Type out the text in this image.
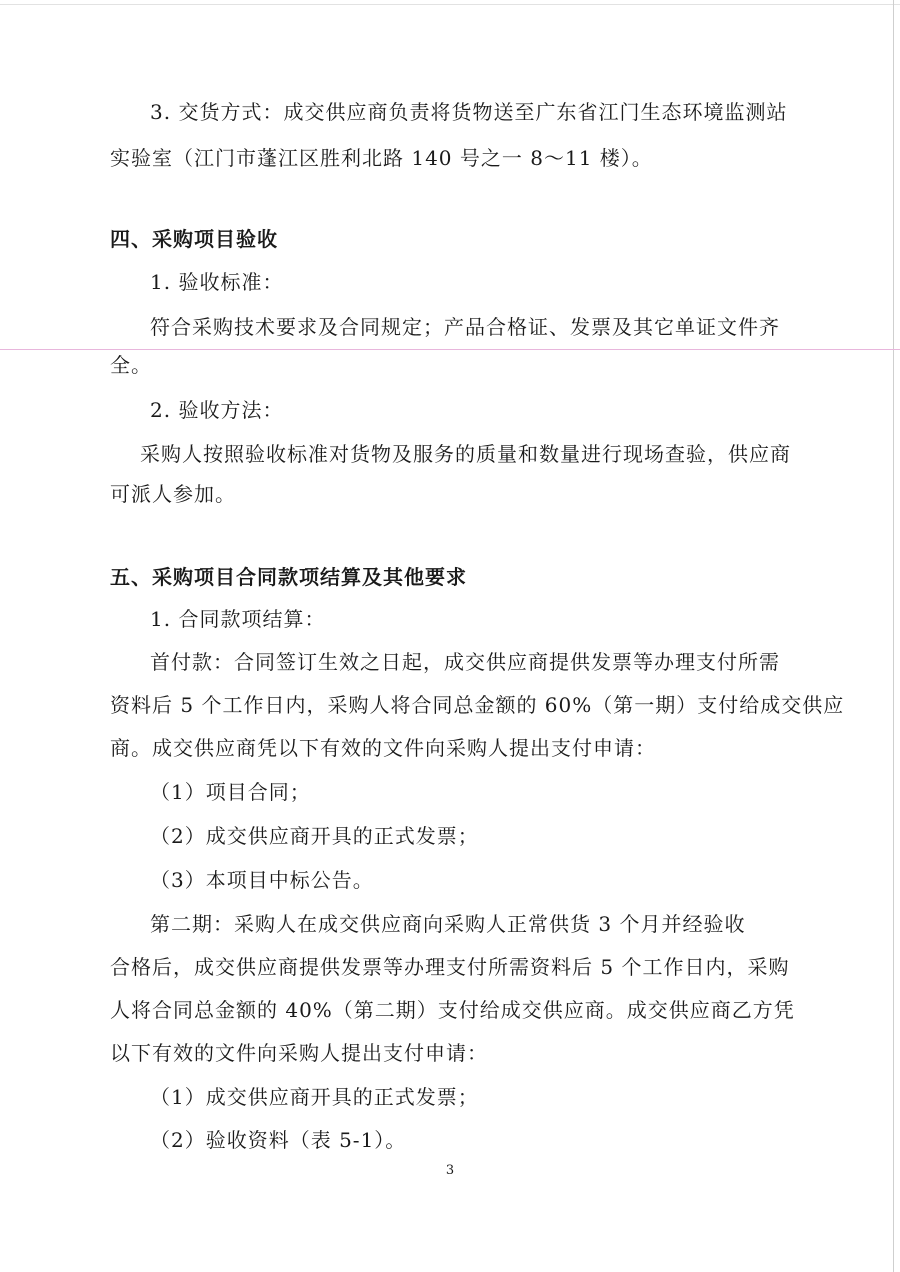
3. 交货方式：成交供应商负责将货物送至广东省江门生态环境监测站
实验室（江门市蓬江区胜利北路 140 号之一 8～11 楼）。
四、采购项目验收
1. 验收标准：
符合采购技术要求及合同规定；产品合格证、发票及其它单证文件齐
全。
2. 验收方法：
采购人按照验收标准对货物及服务的质量和数量进行现场查验，供应商
可派人参加。
五、采购项目合同款项结算及其他要求
1. 合同款项结算：
首付款：合同签订生效之日起，成交供应商提供发票等办理支付所需
资料后 5 个工作日内，采购人将合同总金额的 60%（第一期）支付给成交供应
商。成交供应商凭以下有效的文件向采购人提出支付申请：
（1）项目合同；
（2）成交供应商开具的正式发票；
（3）本项目中标公告。
第二期：采购人在成交供应商向采购人正常供货 3 个月并经验收
合格后，成交供应商提供发票等办理支付所需资料后 5 个工作日内，采购
人将合同总金额的 40%（第二期）支付给成交供应商。成交供应商乙方凭
以下有效的文件向采购人提出支付申请：
（1）成交供应商开具的正式发票；
（2）验收资料（表 5-1）。
3
